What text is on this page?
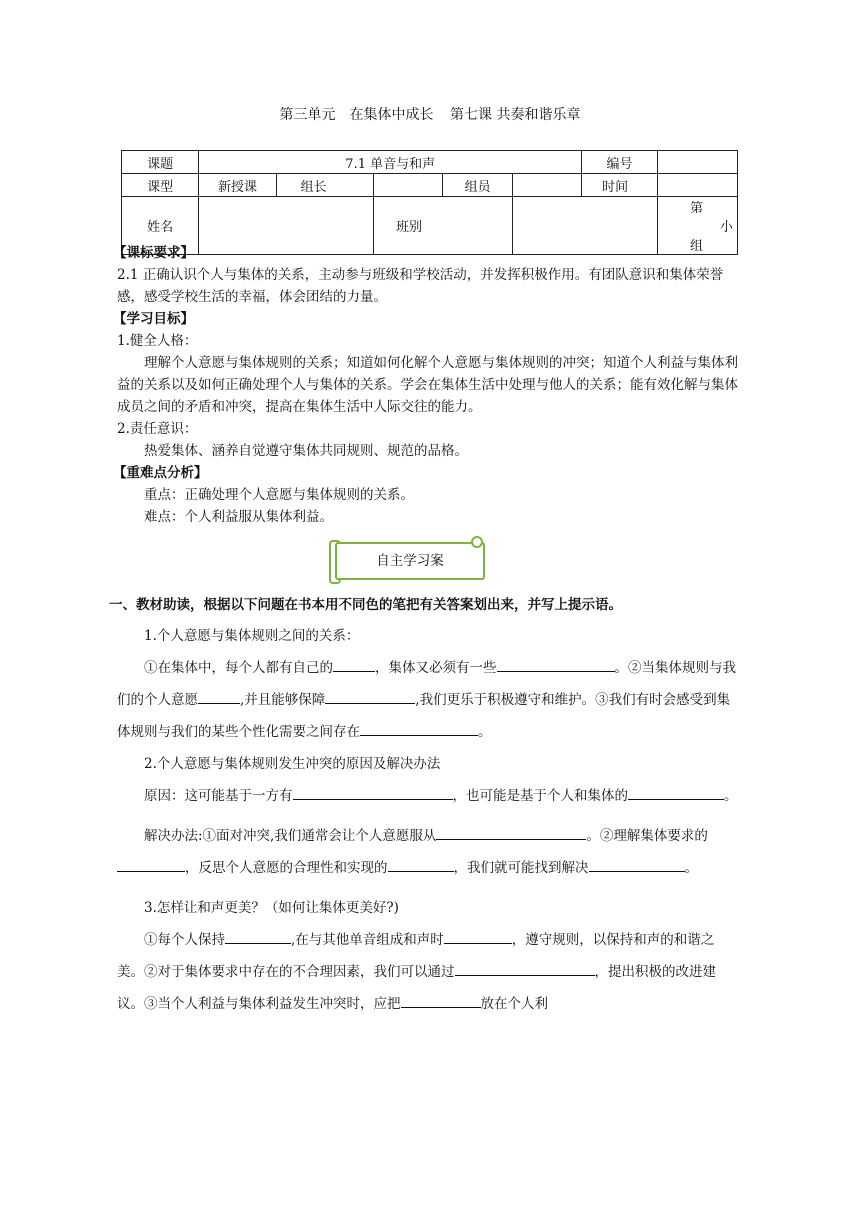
第三单元　在集体中成长 第七课 共奏和谐乐章
课题	7.1 单音与和声					编号	
课型	新授课	组长		组员		时间	
姓名			班别				第 小组

【课标要求】

2.1 正确认识个人与集体的关系，主动参与班级和学校活动，并发挥积极作用。有团队意识和集体荣誉感，感受学校生活的幸福，体会团结的力量。

【学习目标】

1.健全人格：

理解个人意愿与集体规则的关系；知道如何化解个人意愿与集体规则的冲突；知道个人利益与集体利益的关系以及如何正确处理个人与集体的关系。学会在集体生活中处理与他人的关系；能有效化解与集体成员之间的矛盾和冲突，提高在集体生活中人际交往的能力。

2.责任意识：

热爱集体、涵养自觉遵守集体共同规则、规范的品格。

【重难点分析】

重点：正确处理个人意愿与集体规则的关系。

难点：个人利益服从集体利益。

自主学习案

一、教材助读，根据以下问题在书本用不同色的笔把有关答案划出来，并写上提示语。

1.个人意愿与集体规则之间的关系：

①在集体中，每个人都有自己的	，集体又必须有一些	。②当集体规则与我们的个人意愿	,并且能够保障	,我们更乐于积极遵守和维护。③我们有时会感受到集体规则与我们的某些个性化需要之间存在	。

2.个人意愿与集体规则发生冲突的原因及解决办法

原因：这可能基于一方有	，也可能是基于个人和集体的	。

解决办法:①面对冲突,我们通常会让个人意愿服从	。②理解集体要求的，反思个人意愿的合理性和实现的	，我们就可能找到解决	。

3.怎样让和声更美？（如何让集体更美好?)

①每个人保持	,在与其他单音组成和声时	，遵守规则，以保持和声的和谐之美。②对于集体要求中存在的不合理因素，我们可以通过	，提出积极的改进建议。③当个人利益与集体利益发生冲突时，应把	放在个人利
